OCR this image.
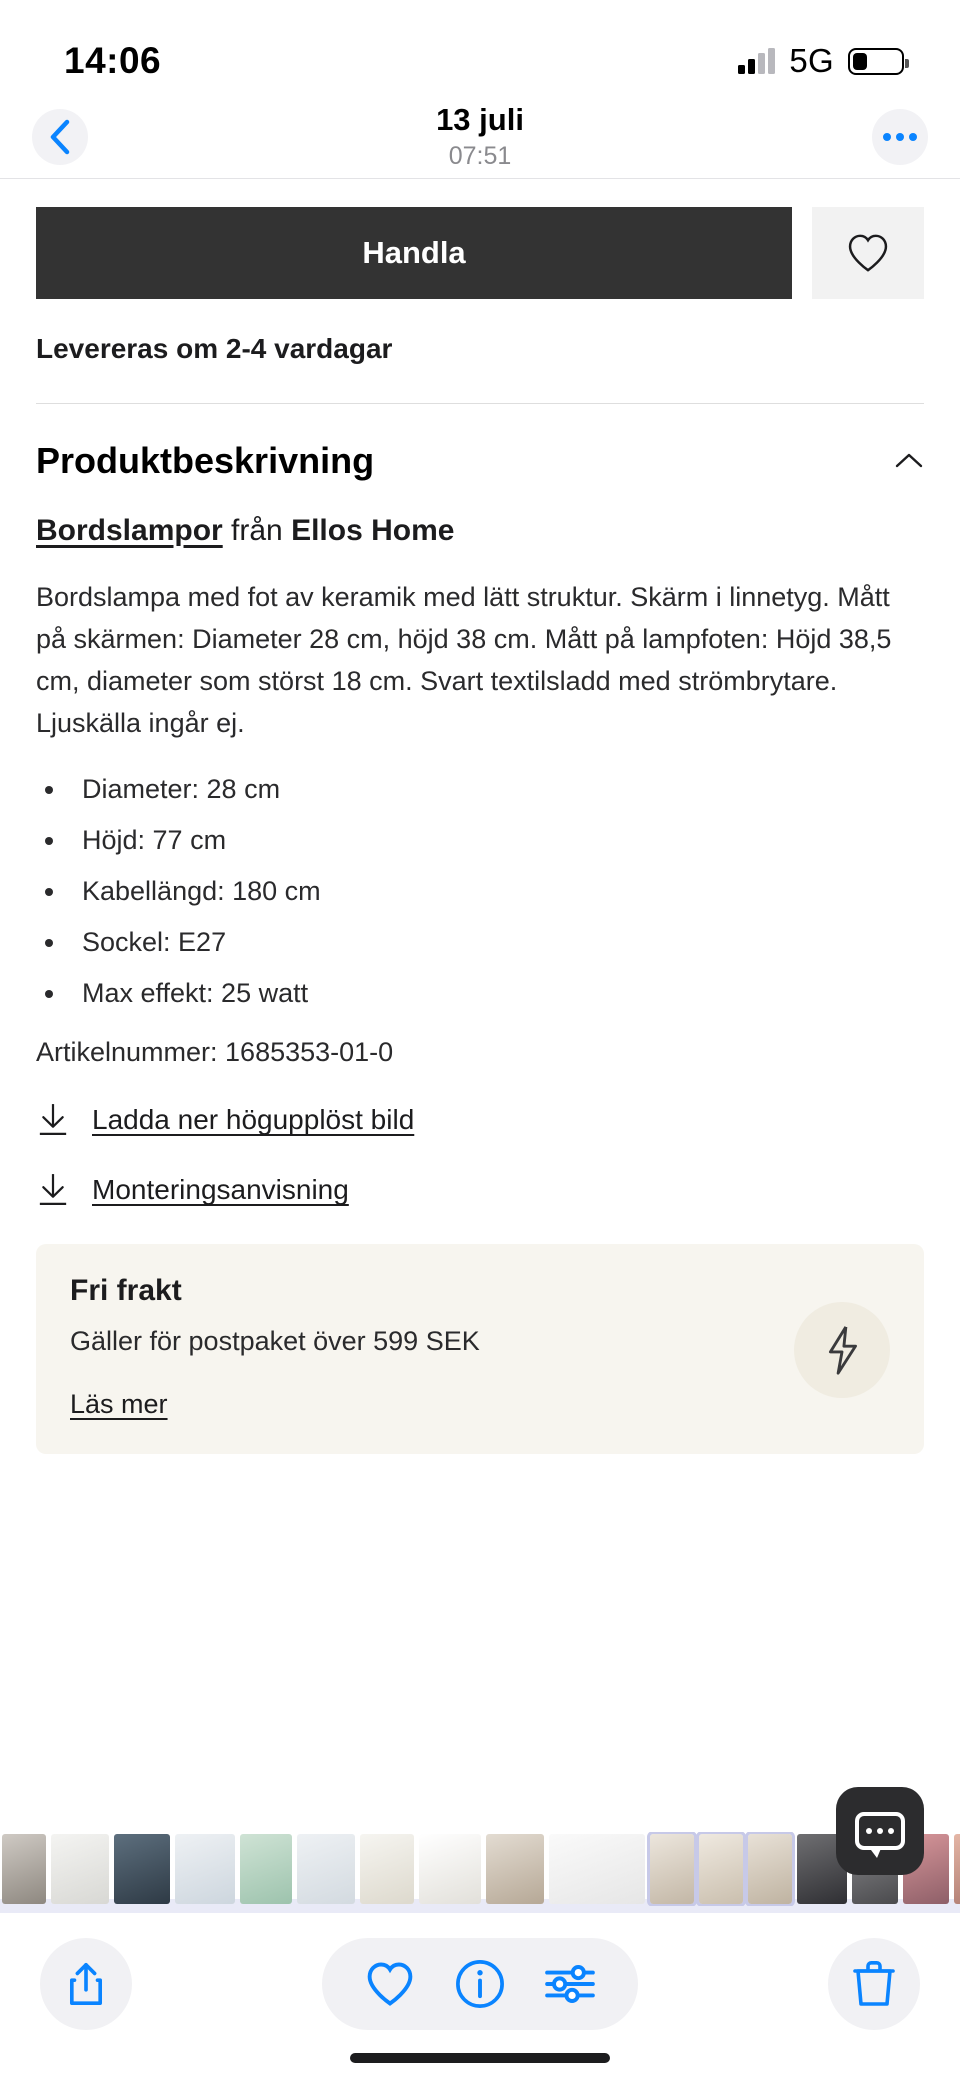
14:06	5G
13 juli
07:51
Handla
Levereras om 2-4 vardagar
Produktbeskrivning
Bordslampor från Ellos Home
Bordslampa med fot av keramik med lätt struktur. Skärm i linnetyg. Mått på skärmen: Diameter 28 cm, höjd 38 cm. Mått på lampfoten: Höjd 38,5 cm, diameter som störst 18 cm. Svart textilsladd med strömbrytare. Ljuskälla ingår ej.
• Diameter: 28 cm
• Höjd: 77 cm
• Kabellängd: 180 cm
• Sockel: E27
• Max effekt: 25 watt
Artikelnummer: 1685353-01-0
Ladda ner högupplöst bild
Monteringsanvisning
Fri frakt
Gäller för postpaket över 599 SEK
Läs mer
